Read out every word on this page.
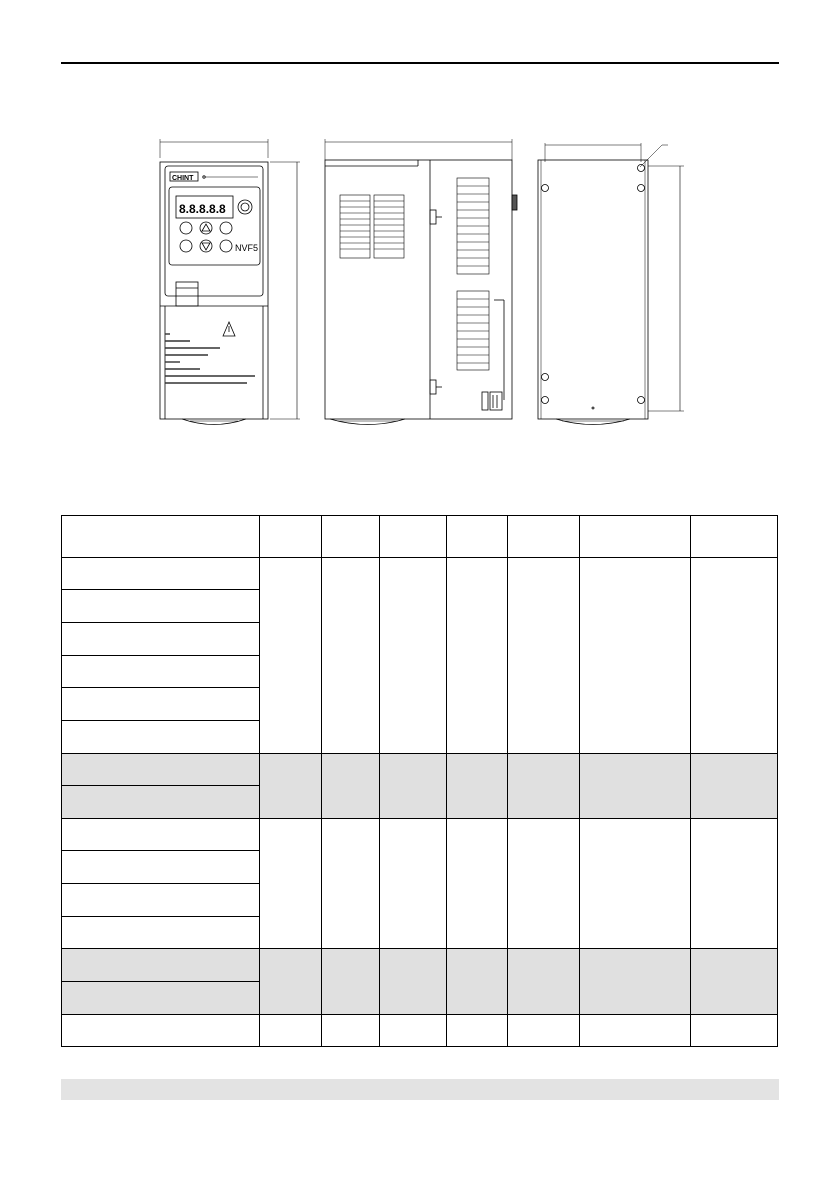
CHINT
8.8.8.8.8
NVF5
